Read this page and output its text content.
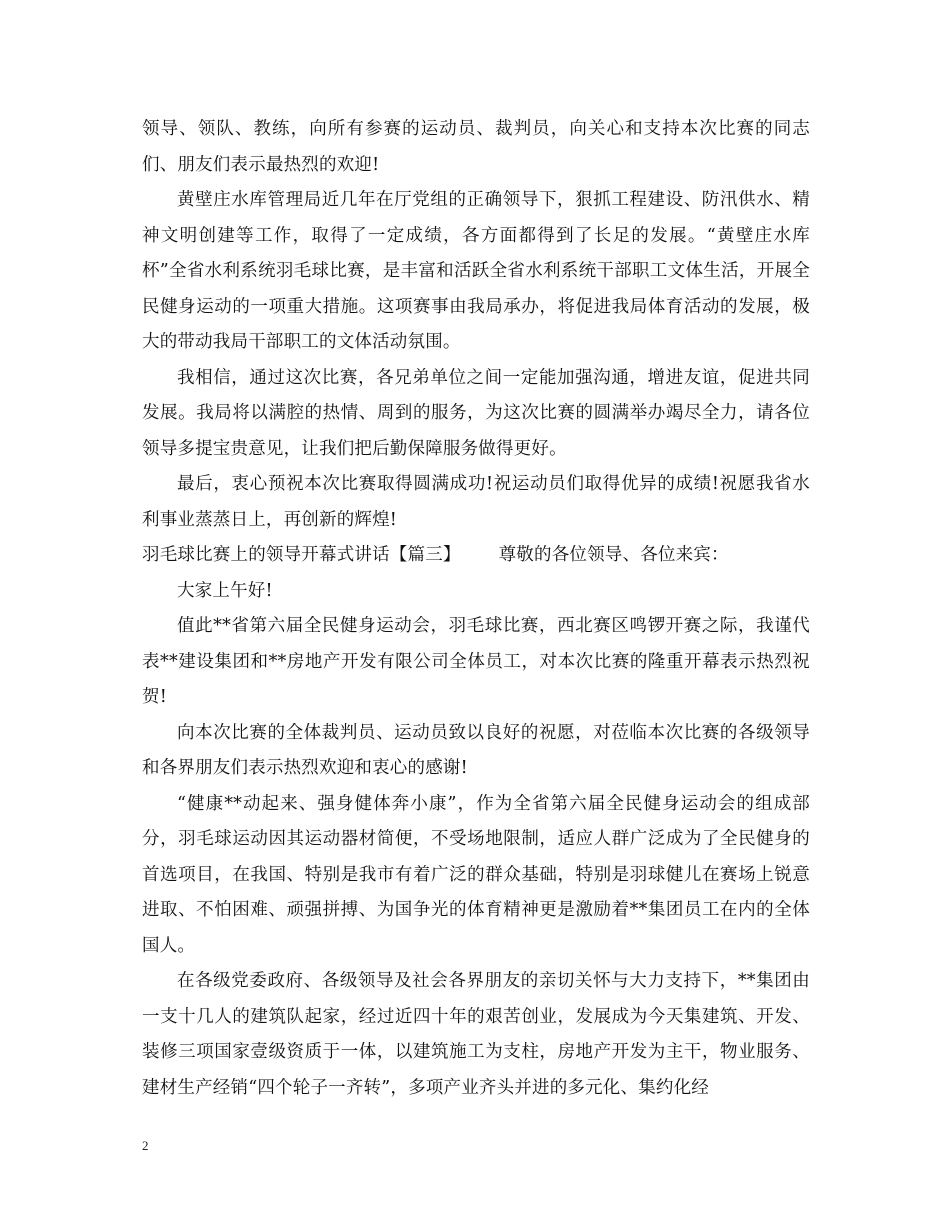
领导、领队、教练，向所有参赛的运动员、裁判员，向关心和支持本次比赛的同志们、朋友们表示最热烈的欢迎!

黄壁庄水库管理局近几年在厅党组的正确领导下，狠抓工程建设、防汛供水、精神文明创建等工作，取得了一定成绩，各方面都得到了长足的发展。“黄壁庄水库杯”全省水利系统羽毛球比赛，是丰富和活跃全省水利系统干部职工文体生活，开展全民健身运动的一项重大措施。这项赛事由我局承办，将促进我局体育活动的发展，极大的带动我局干部职工的文体活动氛围。

我相信，通过这次比赛，各兄弟单位之间一定能加强沟通，增进友谊，促进共同发展。我局将以满腔的热情、周到的服务，为这次比赛的圆满举办竭尽全力，请各位领导多提宝贵意见，让我们把后勤保障服务做得更好。

最后，衷心预祝本次比赛取得圆满成功!祝运动员们取得优异的成绩!祝愿我省水利事业蒸蒸日上，再创新的辉煌!

羽毛球比赛上的领导开幕式讲话【篇三】 尊敬的各位领导、各位来宾：

大家上午好!

值此**省第六届全民健身运动会，羽毛球比赛，西北赛区鸣锣开赛之际，我谨代表**建设集团和**房地产开发有限公司全体员工，对本次比赛的隆重开幕表示热烈祝贺!

向本次比赛的全体裁判员、运动员致以良好的祝愿，对莅临本次比赛的各级领导和各界朋友们表示热烈欢迎和衷心的感谢!

“健康**动起来、强身健体奔小康”，作为全省第六届全民健身运动会的组成部分，羽毛球运动因其运动器材简便，不受场地限制，适应人群广泛成为了全民健身的首选项目，在我国、特别是我市有着广泛的群众基础，特别是羽球健儿在赛场上锐意进取、不怕困难、顽强拼搏、为国争光的体育精神更是激励着**集团员工在内的全体国人。

在各级党委政府、各级领导及社会各界朋友的亲切关怀与大力支持下，**集团由一支十几人的建筑队起家，经过近四十年的艰苦创业，发展成为今天集建筑、开发、装修三项国家壹级资质于一体，以建筑施工为支柱，房地产开发为主干，物业服务、建材生产经销“四个轮子一齐转”，多项产业齐头并进的多元化、集约化经

2
